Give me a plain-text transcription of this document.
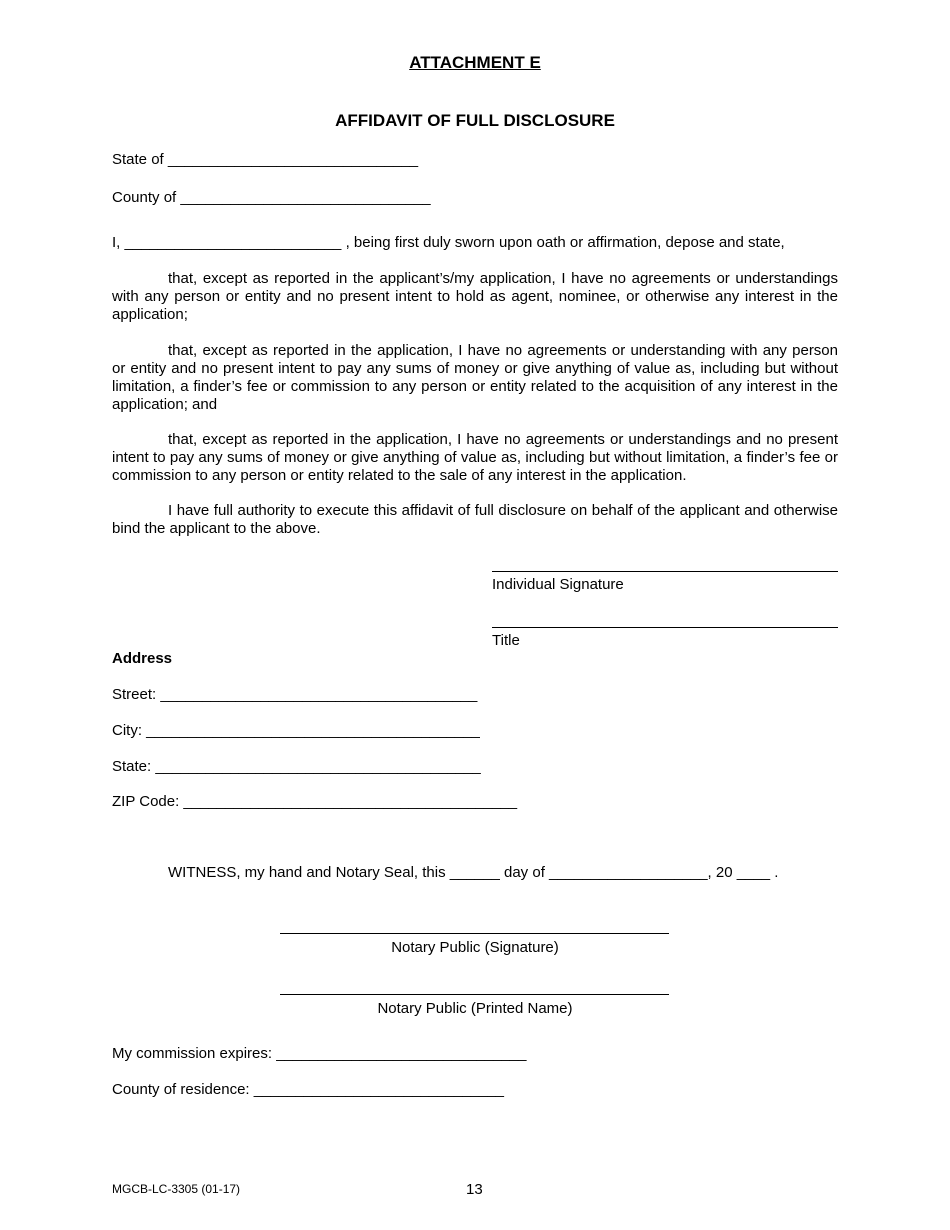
ATTACHMENT E
AFFIDAVIT OF FULL DISCLOSURE
State of ______________________________
County of ______________________________
I, __________________________ , being first duly sworn upon oath or affirmation, depose and state,
that, except as reported in the applicant’s/my application, I have no agreements or understandings with any person or entity and no present intent to hold as agent, nominee, or otherwise any interest in the application;
that, except as reported in the application, I have no agreements or understanding with any person or entity and no present intent to pay any sums of money or give anything of value as, including but without limitation, a finder’s fee or commission to any person or entity related to the acquisition of any interest in the application; and
that, except as reported in the application, I have no agreements or understandings and no present intent to pay any sums of money or give anything of value as, including but without limitation, a finder’s fee or commission to any person or entity related to the sale of any interest in the application.
I have full authority to execute this affidavit of full disclosure on behalf of the applicant and otherwise bind the applicant to the above.
Individual Signature
Title
Address
Street: ______________________________________
City: ________________________________________
State: _______________________________________
ZIP Code: ________________________________________
WITNESS, my hand and Notary Seal, this ______ day of ___________________, 20 ____ .
Notary Public (Signature)
Notary Public (Printed Name)
My commission expires: ______________________________
County of residence: ______________________________
MGCB-LC-3305 (01-17)	13
